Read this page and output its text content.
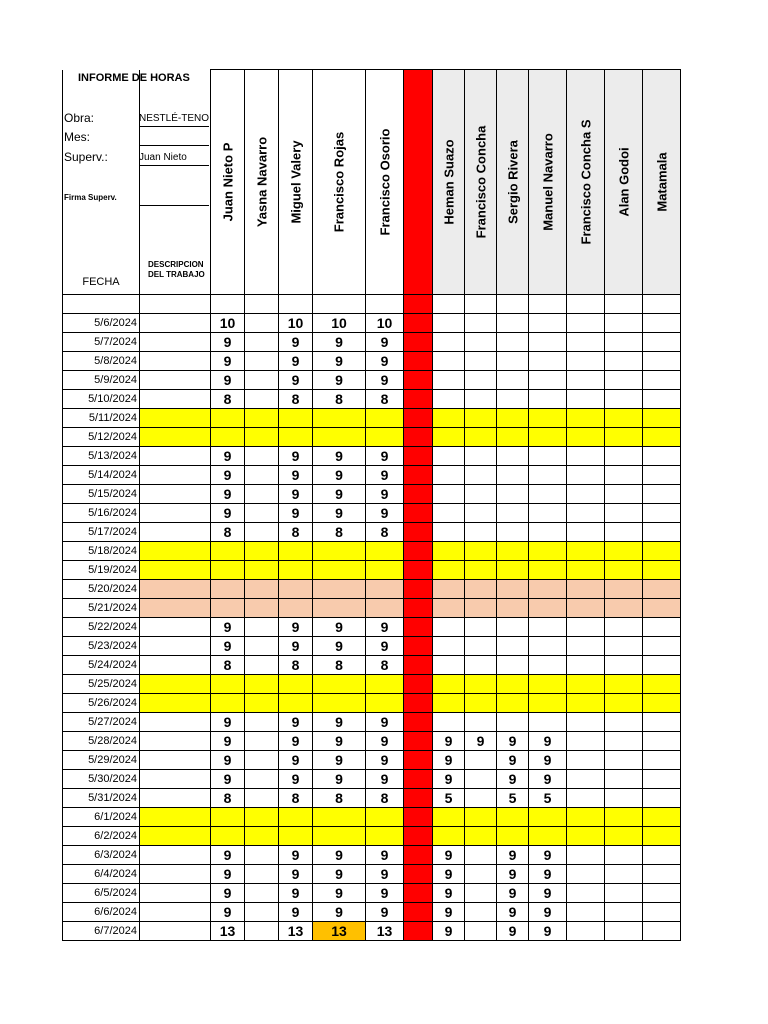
INFORME DE HORAS
Obra:	NESTLÉ-TENO
Mes:
Superv.:	Juan Nieto
Firma Superv.
FECHA	DESCRIPCION DEL TRABAJO	Juan Nieto P	Yasna Navarro	Miguel Valery	Francisco Rojas	Francisco Osorio		Heman Suazo	Francisco Concha	Sergio Rivera	Manuel Navarro	Francisco Concha S	Alan Godoi	Matamala

5/6/2024		10		10	10	10								
5/7/2024		9		9	9	9								
5/8/2024		9		9	9	9								
5/9/2024		9		9	9	9								
5/10/2024		8		8	8	8								
5/11/2024														
5/12/2024														
5/13/2024		9		9	9	9								
5/14/2024		9		9	9	9								
5/15/2024		9		9	9	9								
5/16/2024		9		9	9	9								
5/17/2024		8		8	8	8								
5/18/2024														
5/19/2024														
5/20/2024														
5/21/2024														
5/22/2024		9		9	9	9								
5/23/2024		9		9	9	9								
5/24/2024		8		8	8	8								
5/25/2024														
5/26/2024														
5/27/2024		9		9	9	9								
5/28/2024		9		9	9	9		9	9	9	9			
5/29/2024		9		9	9	9		9		9	9			
5/30/2024		9		9	9	9		9		9	9			
5/31/2024		8		8	8	8		5		5	5			
6/1/2024														
6/2/2024														
6/3/2024		9		9	9	9		9		9	9			
6/4/2024		9		9	9	9		9		9	9			
6/5/2024		9		9	9	9		9		9	9			
6/6/2024		9		9	9	9		9		9	9			
6/7/2024		13		13	13	13		9		9	9			
